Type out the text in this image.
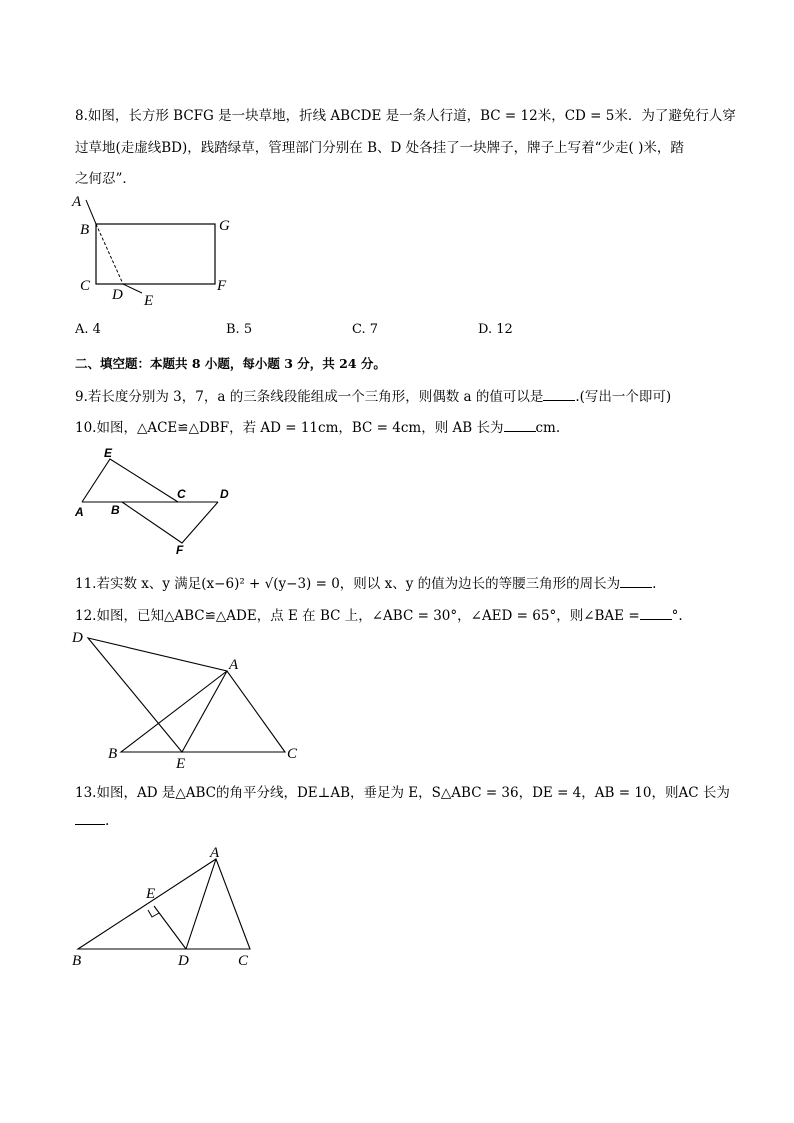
8.如图，长方形 BCFG 是一块草地，折线 ABCDE 是一条人行道，BC = 12米，CD = 5米．为了避免行人穿
过草地(走虚线BD)，践踏绿草，管理部门分别在 B、D 处各挂了一块牌子，牌子上写着“少走( )米，踏
之何忍”．
A
B	G
C
D E
F
A. 4	B. 5	C. 7	D. 12
二、填空题：本题共 8 小题，每小题 3 分，共 24 分。
9.若长度分别为 3，7，a 的三条线段能组成一个三角形，则偶数 a 的值可以是 .(写出一个即可)
10.如图，△ACE≌△DBF，若 AD = 11cm，BC = 4cm，则 AB 长为 cm.
E
C	D
A B
F
11.若实数 x、y 满足(x−6)² + √(y−3) = 0，则以 x、y 的值为边长的等腰三角形的周长为 .
12.如图，已知△ABC≌△ADE，点 E 在 BC 上，∠ABC = 30°，∠AED = 65°，则∠BAE = °.
D
A
B
E
C
13.如图，AD 是△ABC的角平分线，DE⊥AB，垂足为 E，S△ABC = 36，DE = 4，AB = 10，则AC 长为
.
A
E
B	D	C
